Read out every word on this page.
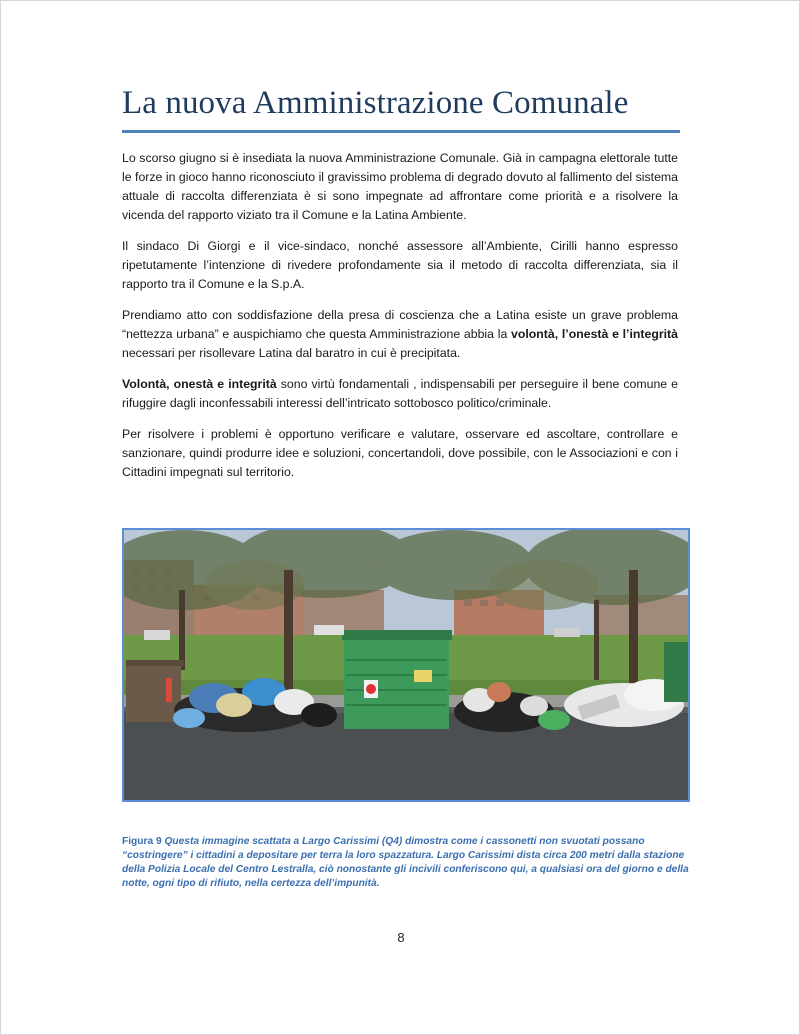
La nuova Amministrazione Comunale

Lo scorso giugno si è insediata la nuova Amministrazione Comunale. Già in campagna elettorale tutte le forze in gioco hanno riconosciuto il gravissimo problema di degrado dovuto al fallimento del sistema attuale di raccolta differenziata è si sono impegnate ad affrontare come priorità e a risolvere la vicenda del rapporto viziato tra il Comune e la Latina Ambiente.

Il sindaco Di Giorgi e il vice-sindaco, nonché assessore all’Ambiente, Cirilli hanno espresso ripetutamente l’intenzione di rivedere profondamente sia il metodo di raccolta differenziata, sia il rapporto tra il Comune e la S.p.A.

Prendiamo atto con soddisfazione della presa di coscienza che a Latina esiste un grave problema “nettezza urbana” e auspichiamo che questa Amministrazione abbia la volontà, l’onestà e l’integrità necessari per risollevare Latina dal baratro in cui è precipitata.

Volontà, onestà e integrità sono virtù fondamentali , indispensabili per perseguire il bene comune e rifuggire dagli inconfessabili interessi dell’intricato sottobosco politico/criminale.

Per risolvere i problemi è opportuno verificare e valutare, osservare ed ascoltare, controllare e sanzionare, quindi produrre idee e soluzioni, concertandoli, dove possibile, con le Associazioni e con i Cittadini impegnati sul territorio.

Figura 9 Questa immagine scattata a Largo Carissimi (Q4) dimostra come i cassonetti non svuotati possano “costringere” i cittadini a depositare per terra la loro spazzatura. Largo Carissimi dista circa 200 metri dalla stazione della Polizia Locale del Centro Lestralla, ciò nonostante gli incivili conferiscono qui, a qualsiasi ora del giorno e della notte, ogni tipo di rifiuto, nella certezza dell’impunità.
8
